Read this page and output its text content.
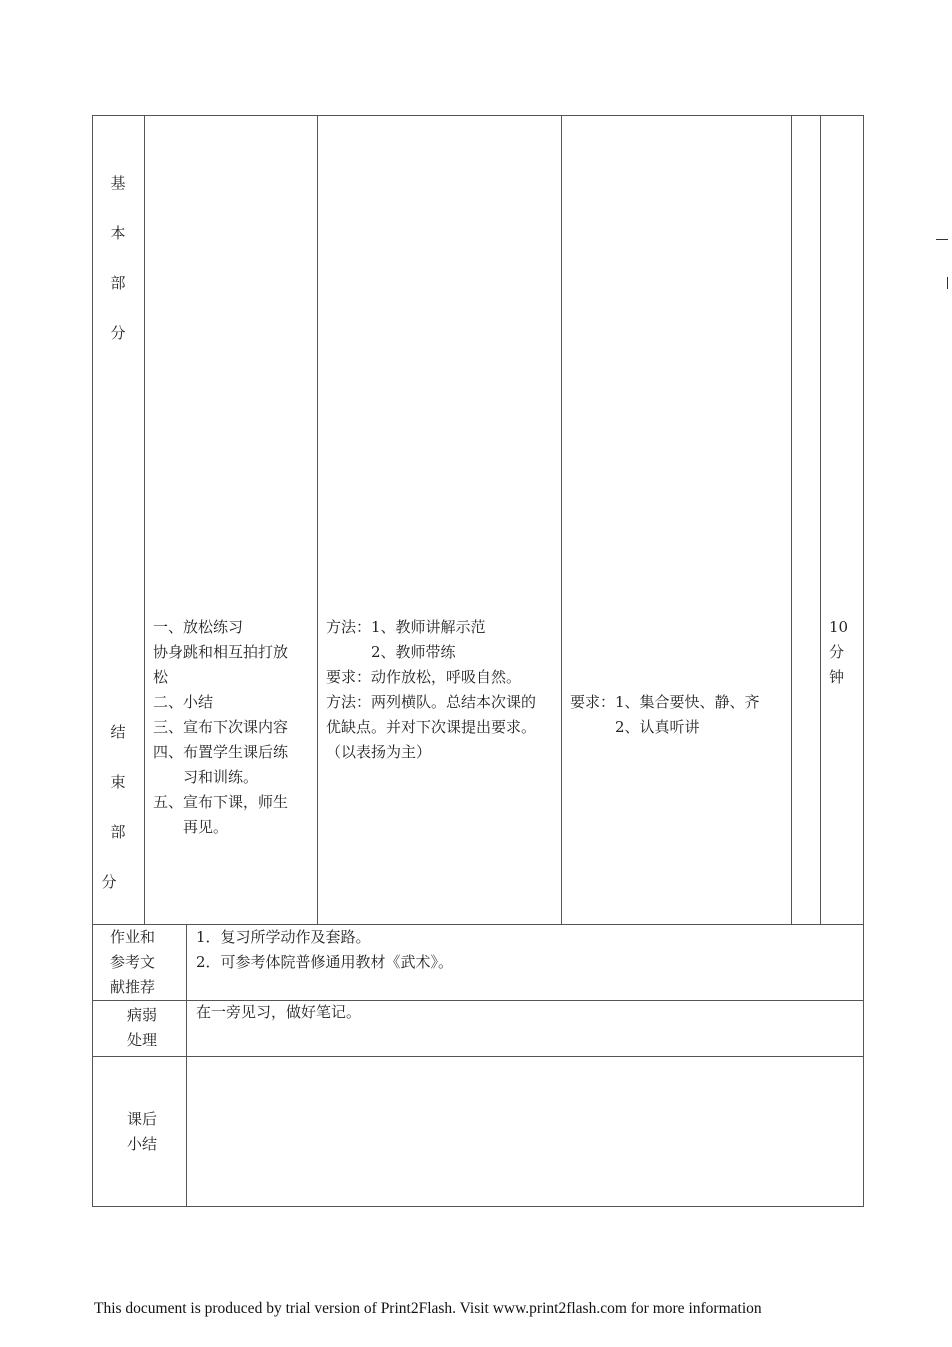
基
本
部
分
结
束
部
分
一、放松练习
协身跳和相互拍打放
松
二、小结
三、宣布下次课内容
四、布置学生课后练
　　习和训练。
五、宣布下课，师生
　　再见。
方法：1、教师讲解示范
　　　2、教师带练
要求：动作放松，呼吸自然。
方法：两列横队。总结本次课的
优缺点。并对下次课提出要求。
（以表扬为主）
要求：1、集合要快、静、齐
　　　2、认真听讲
10
分
钟
作业和
参考文
献推荐
1．复习所学动作及套路。
2．可参考体院普修通用教材《武术》。
病弱
处理
在一旁见习，做好笔记。
课后
小结
This document is produced by trial version of Print2Flash. Visit www.print2flash.com for more information
